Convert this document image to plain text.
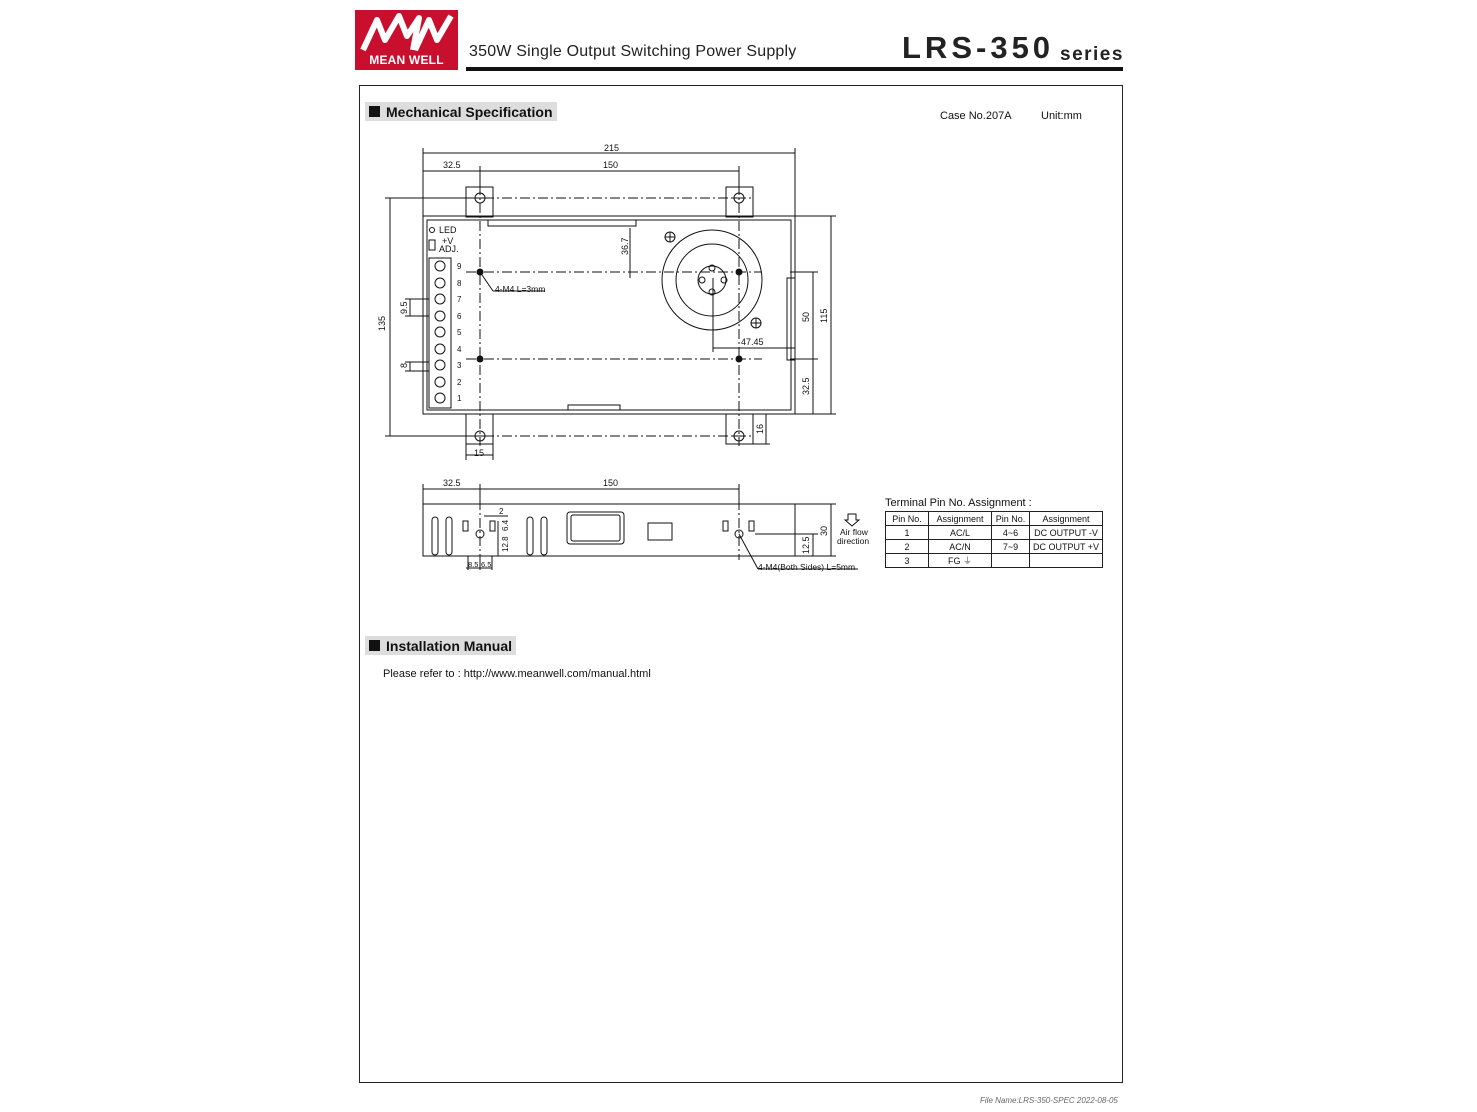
MEAN WELL	350W Single Output Switching Power Supply	LRS-350 series
Mechanical Specification	Case No.207A	Unit:mm
215
150
32.5
36.7
135
115
50
47.45
32.5
15
16
9.5
8
LED
+V
ADJ.
4-M4 L=3mm
9
8
7
6
5
4
3
2
1
32.5	150
30
12.5
2
6.4
12.8
8.5 6.5	4-M4(Both Sides) L=5mm
Air flow
direction
Terminal Pin No. Assignment :
Pin No.	Assignment	Pin No.	Assignment
1	AC/L	4~6	DC OUTPUT -V
2	AC/N	7~9	DC OUTPUT +V
3	FG ⏚		
Installation Manual
Please refer to : http://www.meanwell.com/manual.html
File Name:LRS-350-SPEC 2022-08-05
